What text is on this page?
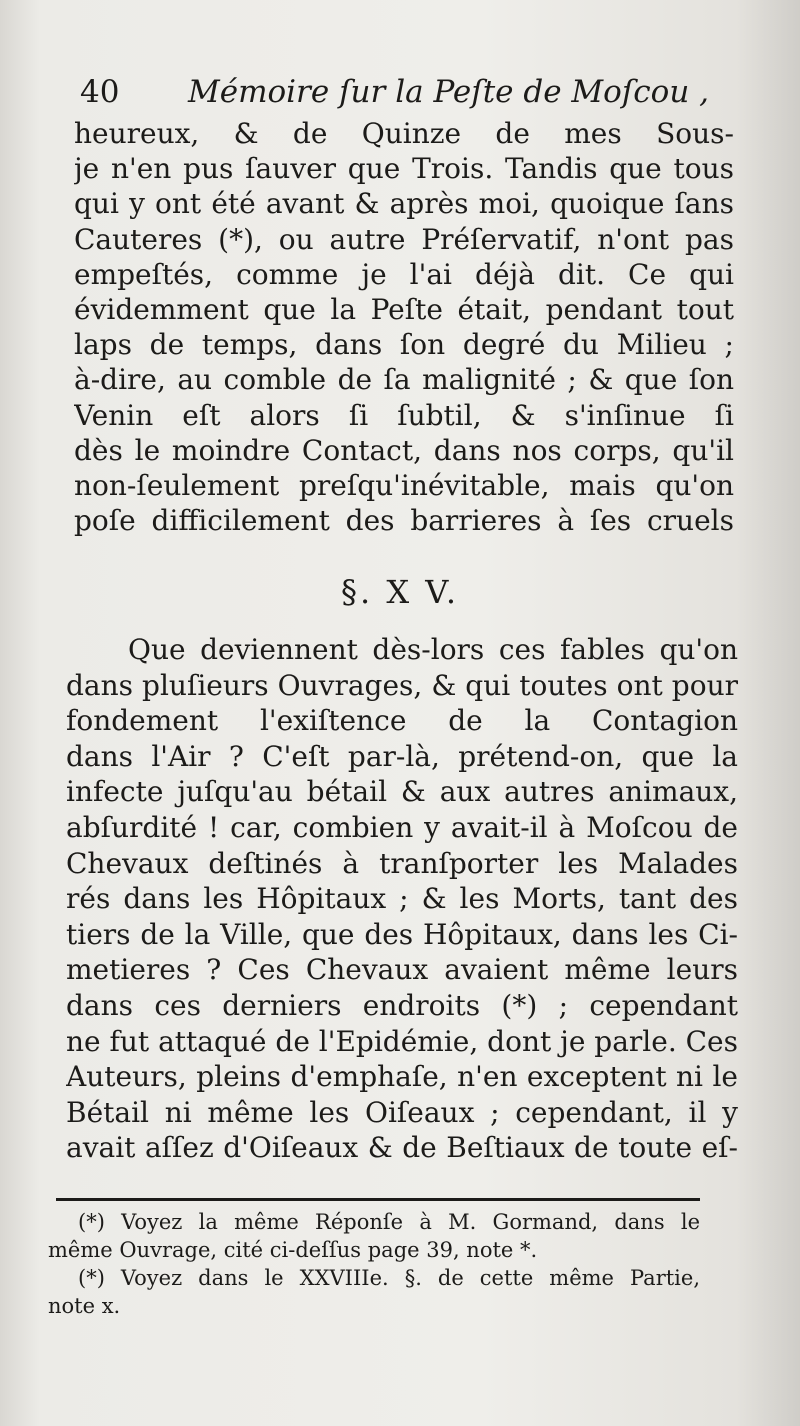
40 Mémoire ſur la Peſte de Moſcou ,
heureux, & de Quinze de mes Sous-
je n'en pus ſauver que Trois. Tandis que tous
qui y ont été avant & après moi, quoique ſans
Cauteres (*), ou autre Préſervatif, n'ont pas
empeſtés, comme je l'ai déjà dit. Ce qui
évidemment que la Peſte était, pendant tout
laps de temps, dans ſon degré du Milieu ;
à-dire, au comble de ſa malignité ; & que ſon
Venin eſt alors ſi ſubtil, & s'inſinue ſi
dès le moindre Contact, dans nos corps, qu'il
non-ſeulement preſqu'inévitable, mais qu'on
poſe difficilement des barrieres à ſes cruels
§. X V.
Que deviennent dès-lors ces fables qu'on
dans pluſieurs Ouvrages, & qui toutes ont pour
fondement l'exiſtence de la Contagion
dans l'Air ? C'eſt par-là, prétend-on, que la
infecte juſqu'au bétail & aux autres animaux,
abſurdité ! car, combien y avait-il à Moſcou de
Chevaux deſtinés à tranſporter les Malades
rés dans les Hôpitaux ; & les Morts, tant des
tiers de la Ville, que des Hôpitaux, dans les Ci-
metieres ? Ces Chevaux avaient même leurs
dans ces derniers endroits (*) ; cependant
ne fut attaqué de l'Epidémie, dont je parle. Ces
Auteurs, pleins d'emphaſe, n'en exceptent ni le
Bétail ni même les Oiſeaux ; cependant, il y
avait aſſez d'Oiſeaux & de Beſtiaux de toute eſ-
(*) Voyez la même Réponſe à M. Gormand, dans le
même Ouvrage, cité ci-deſſus page 39, note *.
(*) Voyez dans le XXVIIIe. §. de cette même Partie,
note x.
